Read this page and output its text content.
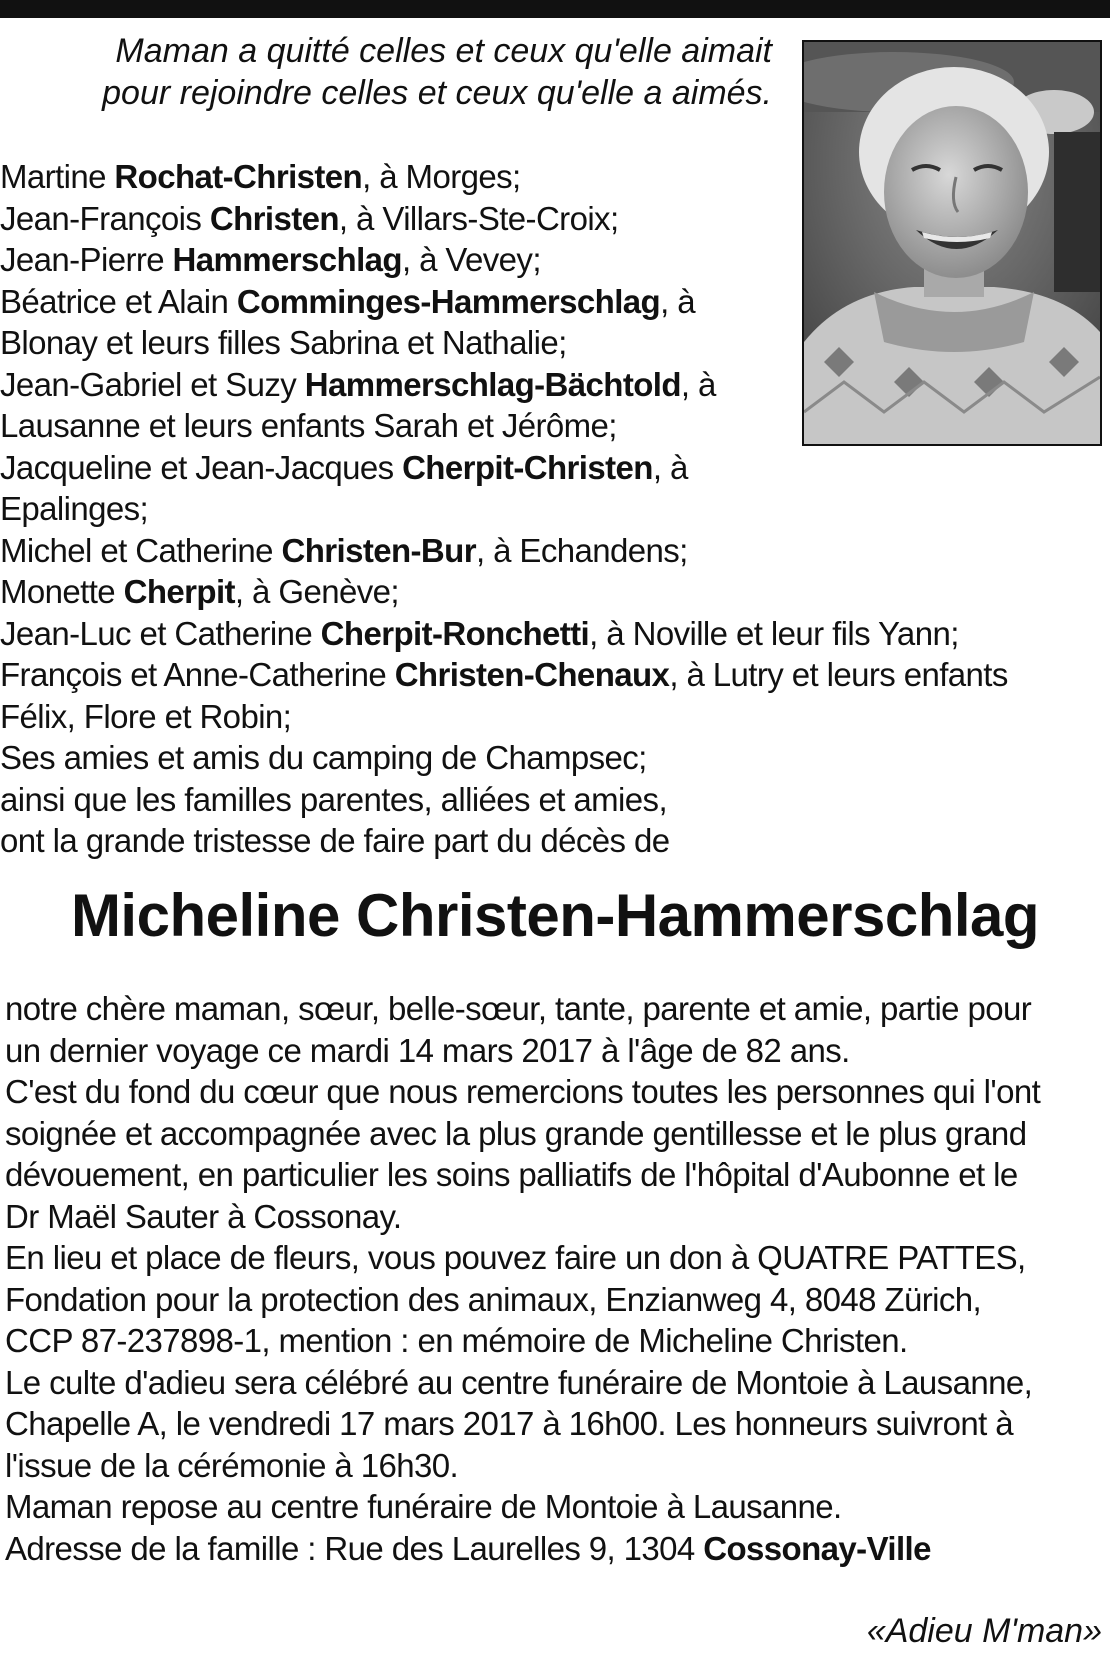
Maman a quitté celles et ceux qu'elle aimait
pour rejoindre celles et ceux qu'elle a aimés.
Martine Rochat-Christen, à Morges;
Jean-François Christen, à Villars-Ste-Croix;
Jean-Pierre Hammerschlag, à Vevey;
Béatrice et Alain Comminges-Hammerschlag, à
Blonay et leurs filles Sabrina et Nathalie;
Jean-Gabriel et Suzy Hammerschlag-Bächtold, à
Lausanne et leurs enfants Sarah et Jérôme;
Jacqueline et Jean-Jacques Cherpit-Christen, à
Epalinges;
Michel et Catherine Christen-Bur, à Echandens;
Monette Cherpit, à Genève;
Jean-Luc et Catherine Cherpit-Ronchetti, à Noville et leur fils Yann;
François et Anne-Catherine Christen-Chenaux, à Lutry et leurs enfants
Félix, Flore et Robin;
Ses amies et amis du camping de Champsec;
ainsi que les familles parentes, alliées et amies,
ont la grande tristesse de faire part du décès de
Micheline Christen-Hammerschlag
notre chère maman, sœur, belle-sœur, tante, parente et amie, partie pour
un dernier voyage ce mardi 14 mars 2017 à l'âge de 82 ans.
C'est du fond du cœur que nous remercions toutes les personnes qui l'ont
soignée et accompagnée avec la plus grande gentillesse et le plus grand
dévouement, en particulier les soins palliatifs de l'hôpital d'Aubonne et le
Dr Maël Sauter à Cossonay.
En lieu et place de fleurs, vous pouvez faire un don à QUATRE PATTES,
Fondation pour la protection des animaux, Enzianweg 4, 8048 Zürich,
CCP 87-237898-1, mention : en mémoire de Micheline Christen.
Le culte d'adieu sera célébré au centre funéraire de Montoie à Lausanne,
Chapelle A, le vendredi 17 mars 2017 à 16h00. Les honneurs suivront à
l'issue de la cérémonie à 16h30.
Maman repose au centre funéraire de Montoie à Lausanne.
Adresse de la famille : Rue des Laurelles 9, 1304 Cossonay-Ville
«Adieu M'man»
